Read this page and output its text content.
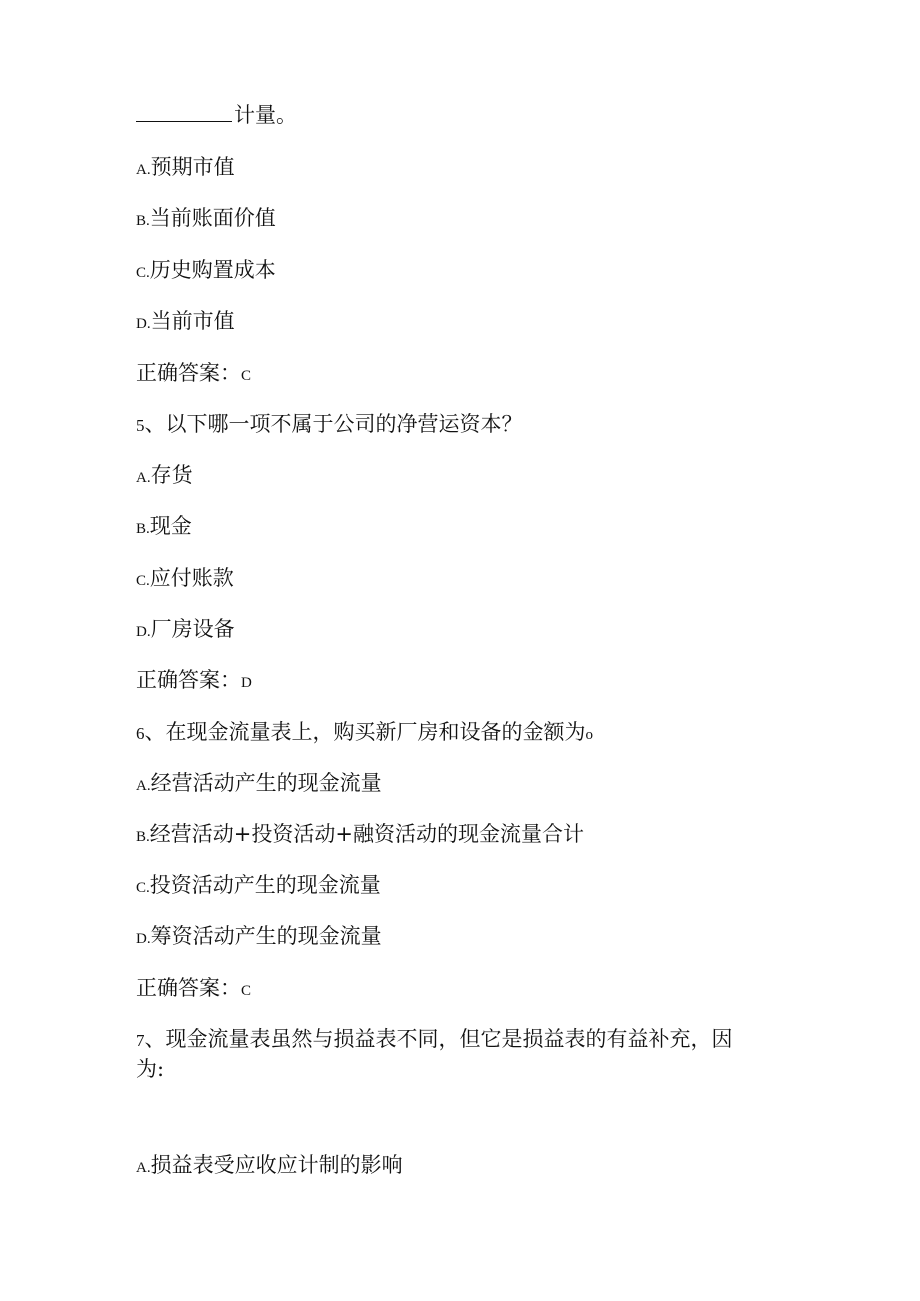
计量。
A.预期市值
B.当前账面价值
C.历史购置成本
D.当前市值
正确答案：C
5、以下哪一项不属于公司的净营运资本？
A.存货
B.现金
C.应付账款
D.厂房设备
正确答案：D
6、在现金流量表上，购买新厂房和设备的金额为o
A.经营活动产生的现金流量
B.经营活动+投资活动+融资活动的现金流量合计
C.投资活动产生的现金流量
D.筹资活动产生的现金流量
正确答案：C
7、现金流量表虽然与损益表不同，但它是损益表的有益补充，因
为:
A.损益表受应收应计制的影响
